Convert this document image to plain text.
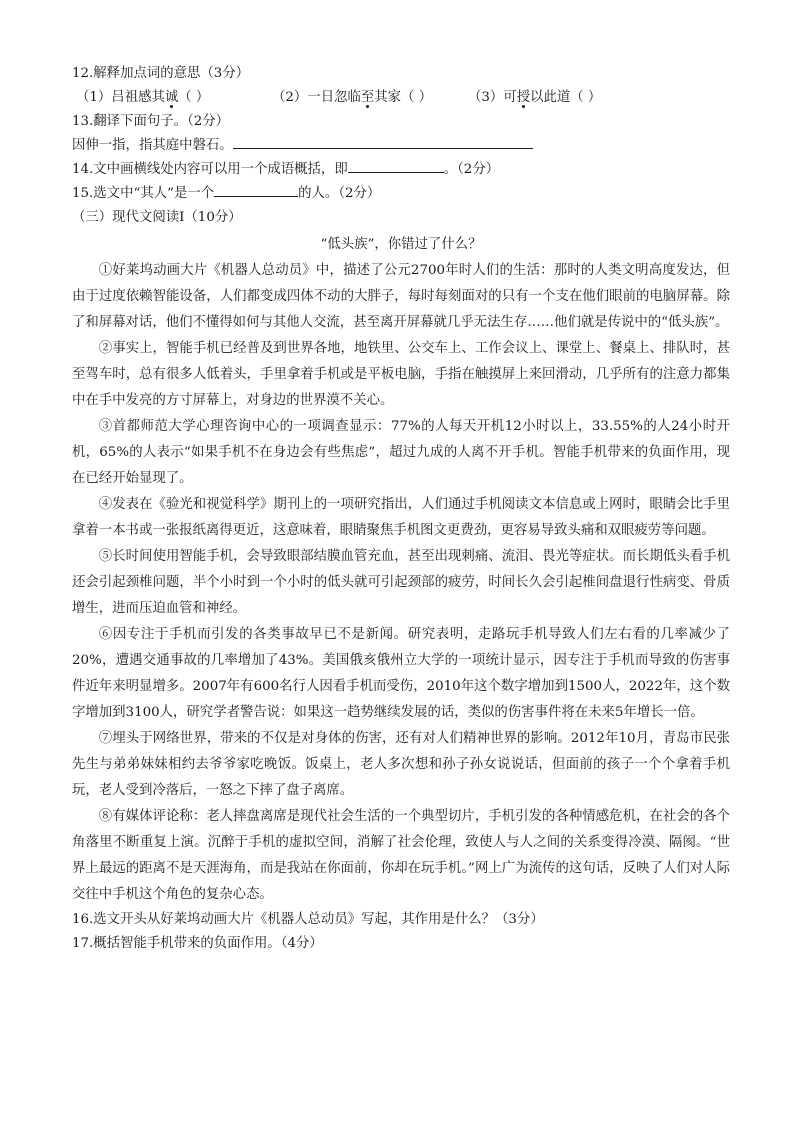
12.解释加点词的意思（3分）
（1）吕祖感其诚（ ）	（2）一日忽临至其家（ ）	（3）可授以此道（ ）
13.翻译下面句子。（2分）
因伸一指，指其庭中磐石。
14.文中画横线处内容可以用一个成语概括，即	。（2分）
15.选文中“其人”是一个	的人。（2分）
（三）现代文阅读Ⅰ（10分）
“低头族”，你错过了什么？

①好莱坞动画大片《机器人总动员》中，描述了公元2700年时人们的生活：那时的人类文明高度发达，但由于过度依赖智能设备，人们都变成四体不动的大胖子，每时每刻面对的只有一个支在他们眼前的电脑屏幕。除了和屏幕对话，他们不懂得如何与其他人交流，甚至离开屏幕就几乎无法生存……他们就是传说中的“低头族”。

②事实上，智能手机已经普及到世界各地，地铁里、公交车上、工作会议上、课堂上、餐桌上、排队时，甚至驾车时，总有很多人低着头，手里拿着手机或是平板电脑，手指在触摸屏上来回滑动，几乎所有的注意力都集中在手中发亮的方寸屏幕上，对身边的世界漠不关心。

③首都师范大学心理咨询中心的一项调查显示：77%的人每天开机12小时以上，33.55%的人24小时开机，65%的人表示“如果手机不在身边会有些焦虑”，超过九成的人离不开手机。智能手机带来的负面作用，现在已经开始显现了。

④发表在《验光和视觉科学》期刊上的一项研究指出，人们通过手机阅读文本信息或上网时，眼睛会比手里拿着一本书或一张报纸离得更近，这意味着，眼睛聚焦手机图文更费劲，更容易导致头痛和双眼疲劳等问题。

⑤长时间使用智能手机，会导致眼部结膜血管充血，甚至出现刺痛、流泪、畏光等症状。而长期低头看手机还会引起颈椎问题，半个小时到一个小时的低头就可引起颈部的疲劳，时间长久会引起椎间盘退行性病变、骨质增生，进而压迫血管和神经。

⑥因专注于手机而引发的各类事故早已不是新闻。研究表明，走路玩手机导致人们左右看的几率减少了20%，遭遇交通事故的几率增加了43%。美国俄亥俄州立大学的一项统计显示，因专注于手机而导致的伤害事件近年来明显增多。2007年有600名行人因看手机而受伤，2010年这个数字增加到1500人，2022年，这个数字增加到3100人，研究学者警告说：如果这一趋势继续发展的话，类似的伤害事件将在未来5年增长一倍。

⑦埋头于网络世界，带来的不仅是对身体的伤害，还有对人们精神世界的影响。2012年10月，青岛市民张先生与弟弟妹妹相约去爷爷家吃晚饭。饭桌上，老人多次想和孙子孙女说说话，但面前的孩子一个个拿着手机玩，老人受到冷落后，一怒之下摔了盘子离席。

⑧有媒体评论称：老人摔盘离席是现代社会生活的一个典型切片，手机引发的各种情感危机，在社会的各个角落里不断重复上演。沉醉于手机的虚拟空间，消解了社会伦理，致使人与人之间的关系变得冷漠、隔阂。“世界上最远的距离不是天涯海角，而是我站在你面前，你却在玩手机。”网上广为流传的这句话，反映了人们对人际交往中手机这个角色的复杂心态。

16.选文开头从好莱坞动画大片《机器人总动员》写起，其作用是什么？（3分）
17.概括智能手机带来的负面作用。（4分）
